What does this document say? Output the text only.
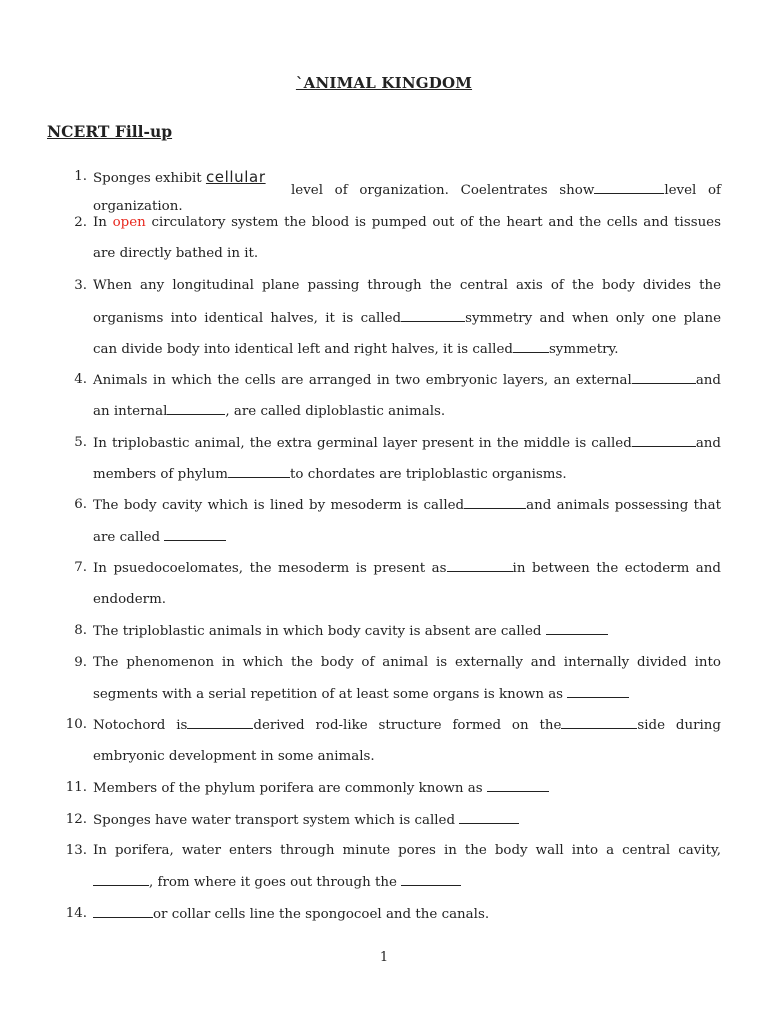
`ANIMAL KINGDOM
NCERT Fill-up
1. Sponges exhibit cellular
level of organization. Coelentrates show	level of
organization.
2. In open circulatory system the blood is pumped out of the heart and the cells and tissues
are directly bathed in it.
3. When any longitudinal plane passing through the central axis of the body divides the
organisms into identical halves, it is called	symmetry and when only one plane
can divide body into identical left and right halves, it is called	symmetry.
4. Animals in which the cells are arranged in two embryonic layers, an external	and
an internal	, are called diploblastic animals.
5. In triplobastic animal, the extra germinal layer present in the middle is called	and
members of phylum	to chordates are triploblastic organisms.
6. The body cavity which is lined by mesoderm is called	and animals possessing that
are called
7. In psuedocoelomates, the mesoderm is present as	in between the ectoderm and
endoderm.
8. The triploblastic animals in which body cavity is absent are called
9. The phenomenon in which the body of animal is externally and internally divided into
segments with a serial repetition of at least some organs is known as
10. Notochord is	derived rod-like structure formed on the	side during
embryonic development in some animals.
11. Members of the phylum porifera are commonly known as
12. Sponges have water transport system which is called
13. In porifera, water enters through minute pores in the body wall into a central cavity,
, from where it goes out through the
14.	or collar cells line the spongocoel and the canals.
1
